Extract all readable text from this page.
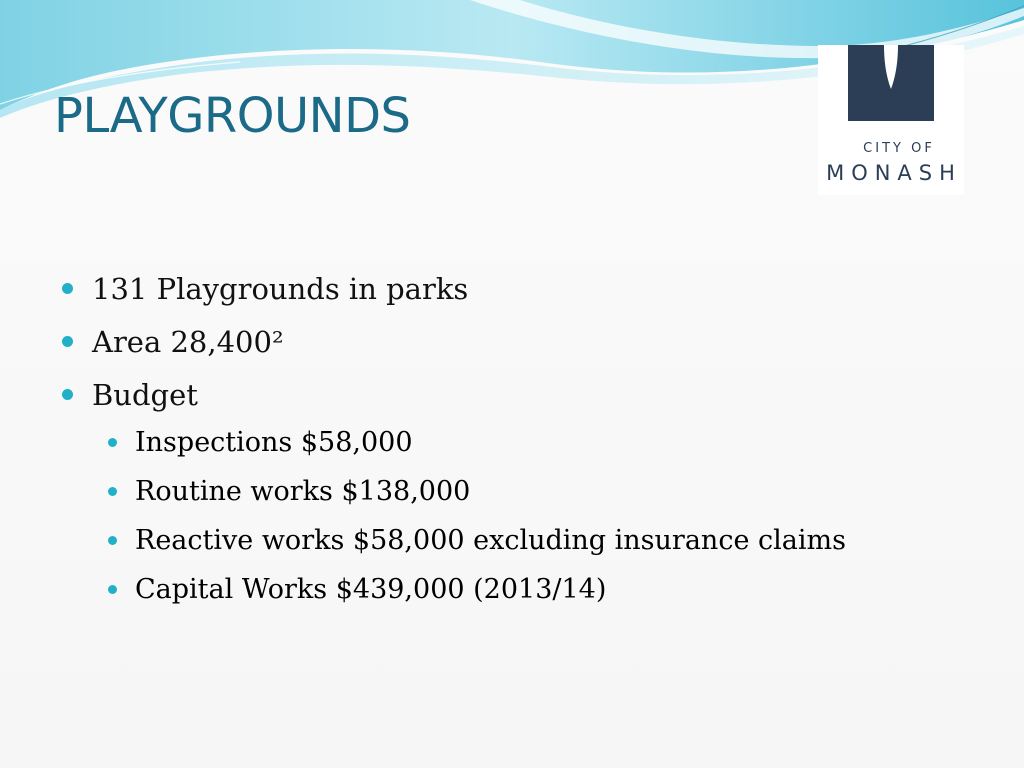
PLAYGROUNDS
CITY OF
MONASH
131 Playgrounds in parks
Area 28,400²
Budget
Inspections $58,000
Routine works $138,000
Reactive works $58,000 excluding insurance claims
Capital Works $439,000 (2013/14)
